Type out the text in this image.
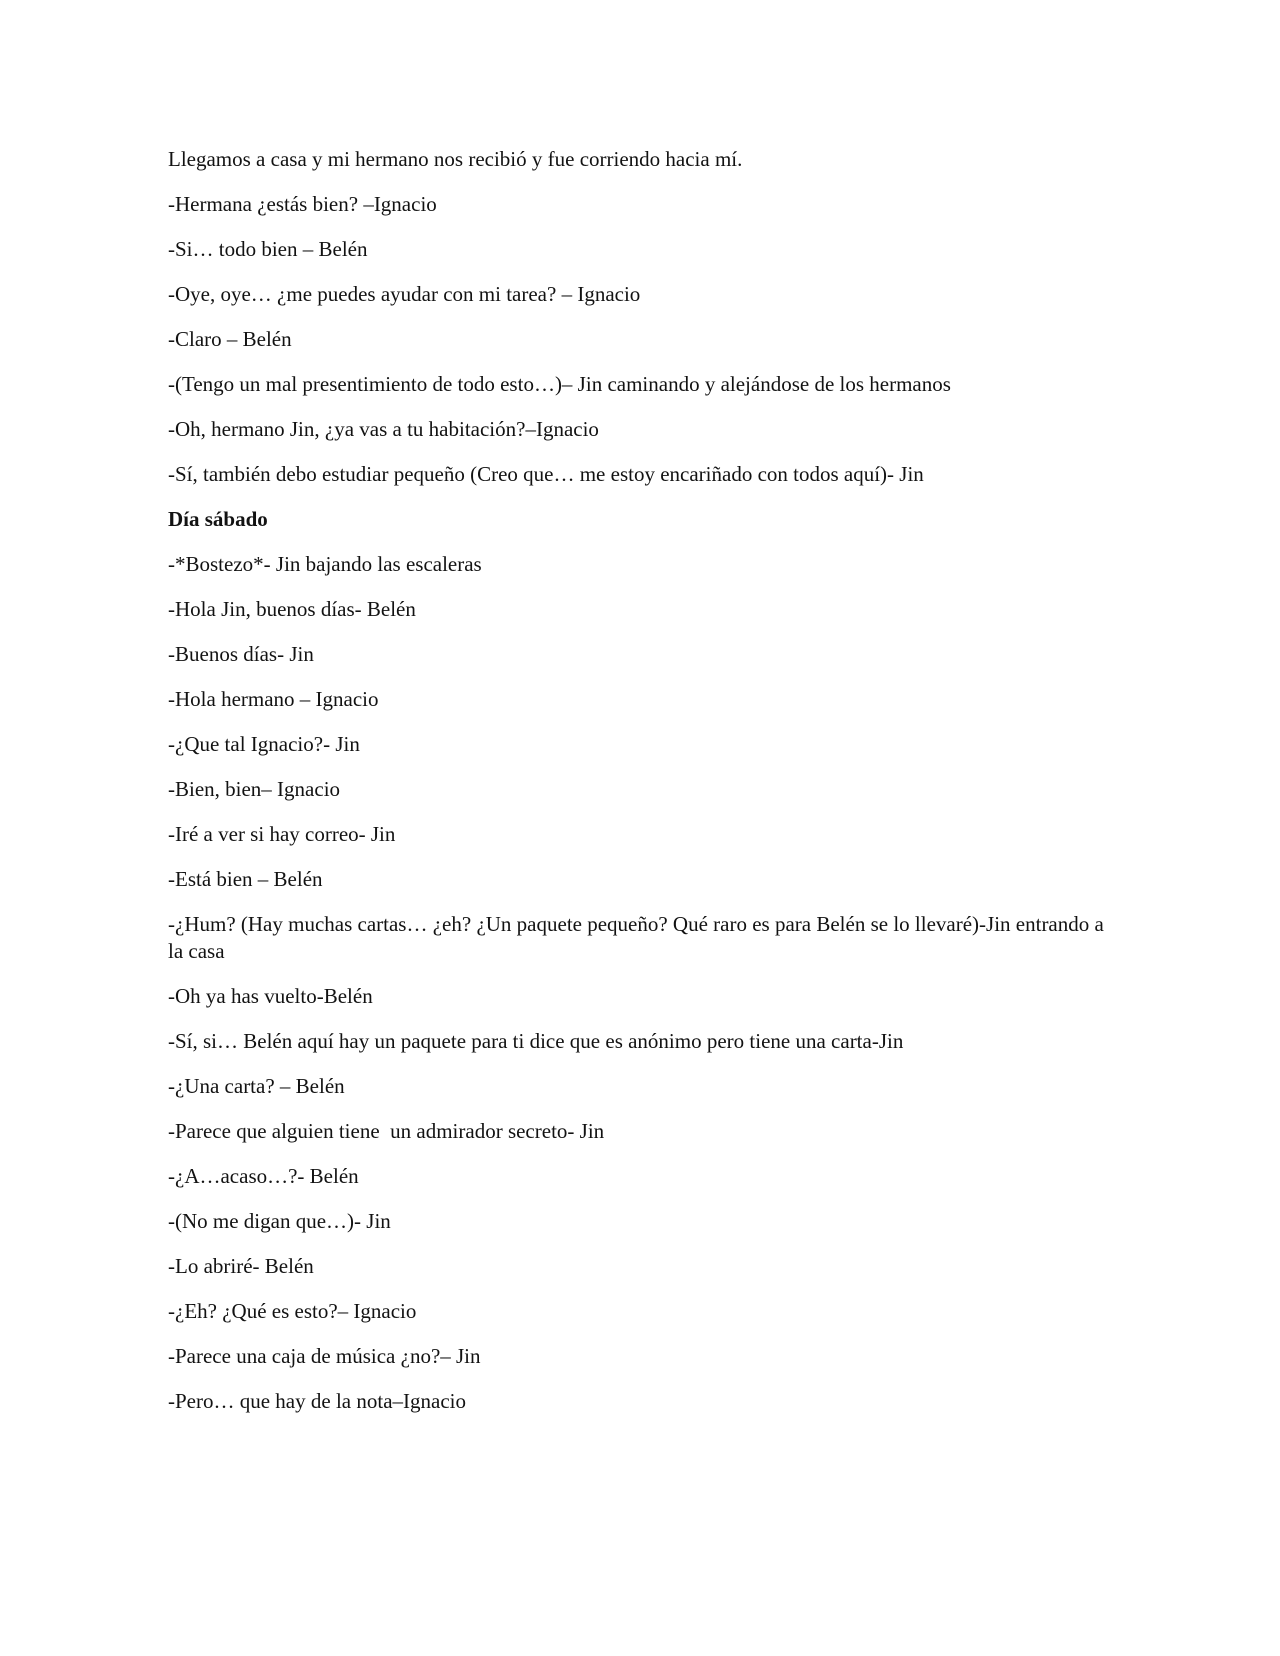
Llegamos a casa y mi hermano nos recibió y fue corriendo hacia mí.

-Hermana ¿estás bien? –Ignacio

-Si… todo bien – Belén

-Oye, oye… ¿me puedes ayudar con mi tarea? – Ignacio

-Claro – Belén

-(Tengo un mal presentimiento de todo esto…)– Jin caminando y alejándose de los hermanos

-Oh, hermano Jin, ¿ya vas a tu habitación?–Ignacio

-Sí, también debo estudiar pequeño (Creo que… me estoy encariñado con todos aquí)- Jin

Día sábado

-*Bostezo*- Jin bajando las escaleras

-Hola Jin, buenos días- Belén

-Buenos días- Jin

-Hola hermano – Ignacio

-¿Que tal Ignacio?- Jin

-Bien, bien– Ignacio

-Iré a ver si hay correo- Jin

-Está bien – Belén

-¿Hum? (Hay muchas cartas… ¿eh? ¿Un paquete pequeño? Qué raro es para Belén se lo llevaré)-Jin entrando a la casa

-Oh ya has vuelto-Belén

-Sí, si… Belén aquí hay un paquete para ti dice que es anónimo pero tiene una carta-Jin

-¿Una carta? – Belén

-Parece que alguien tiene  un admirador secreto- Jin

-¿A…acaso…?- Belén

-(No me digan que…)- Jin

-Lo abriré- Belén

-¿Eh? ¿Qué es esto?– Ignacio

-Parece una caja de música ¿no?– Jin

-Pero… que hay de la nota–Ignacio
